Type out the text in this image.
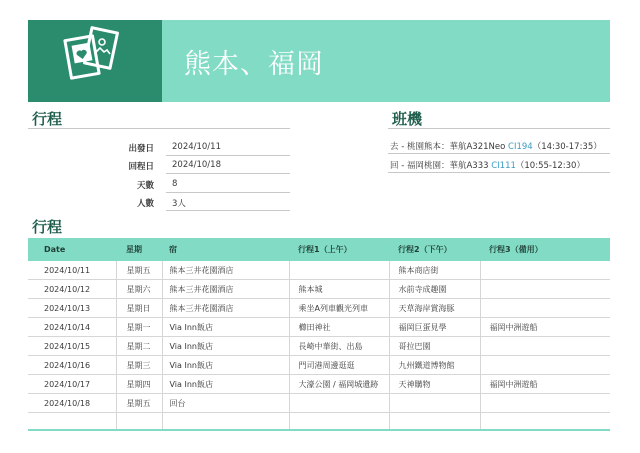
熊本、福岡
行程
出發日 2024/10/11
回程日 2024/10/18
天數 8
人數 3人
班機
去 - 桃園熊本：華航A321Neo CI194（14:30-17:35）
回 - 福岡桃園：華航A333 CI111（10:55-12:30）
行程
Date	星期	宿	行程1（上午）	行程2（下午）	行程3（備用）
2024/10/11	星期五	熊本三井花園酒店		熊本商店街	
2024/10/12	星期六	熊本三井花園酒店	熊本城	水前寺成趣園	
2024/10/13	星期日	熊本三井花園酒店	乘坐A列車觀光列車	天草海岸賞海豚	
2024/10/14	星期一	Via Inn飯店	櫛田神社	福岡巨蛋見學	福岡中洲遊船
2024/10/15	星期二	Via Inn飯店	長崎中華街、出島	哥拉巴園	
2024/10/16	星期三	Via Inn飯店	門司港周邊逛逛	九州鐵道博物館	
2024/10/17	星期四	Via Inn飯店	大濠公園 / 福岡城遺跡	天神購物	福岡中洲遊船
2024/10/18	星期五	回台			
